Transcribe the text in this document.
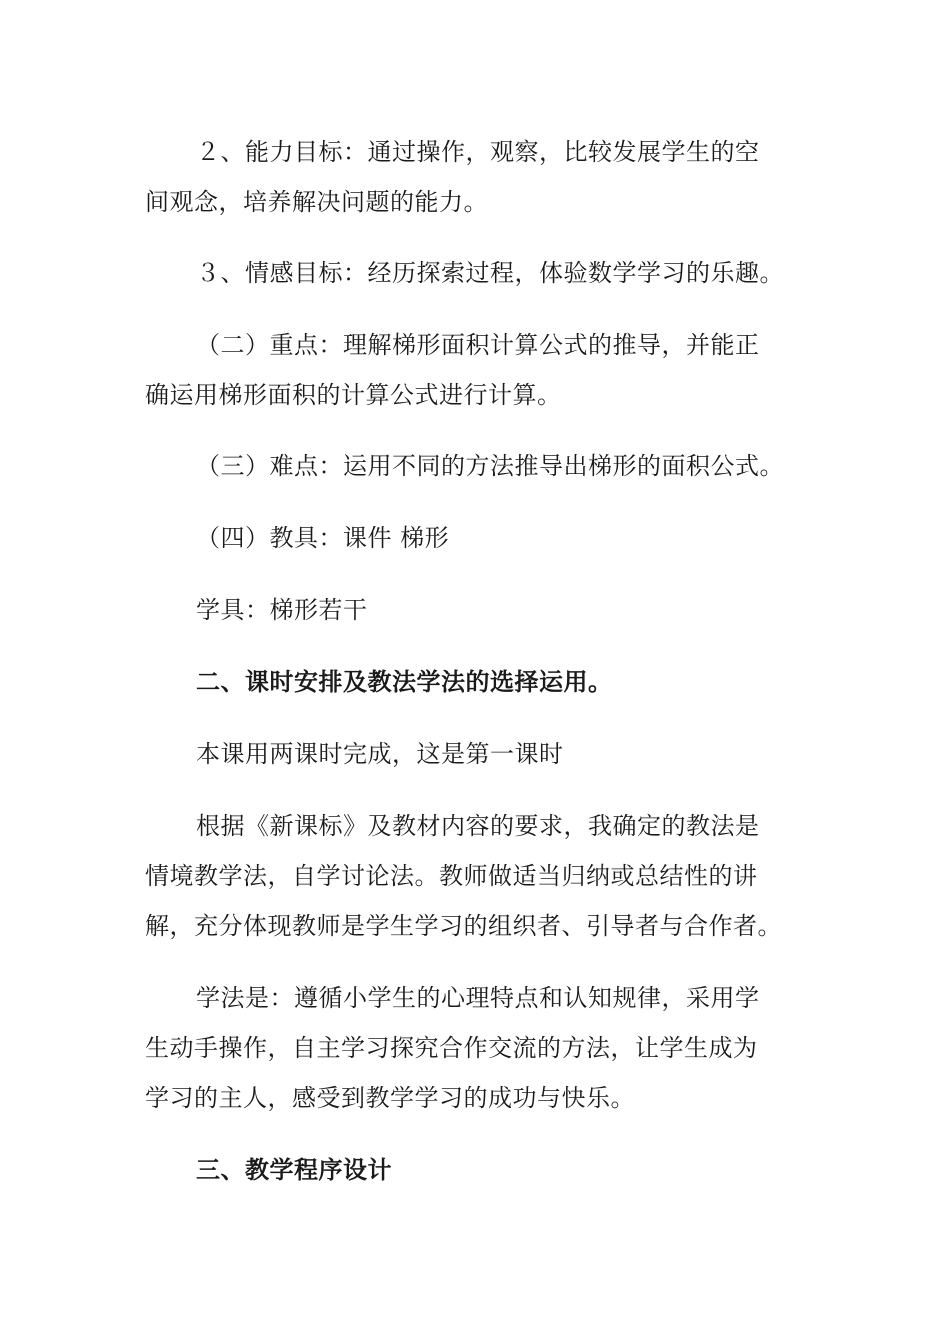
２、能力目标：通过操作，观察，比较发展学生的空
间观念，培养解决问题的能力。
３、情感目标：经历探索过程，体验数学学习的乐趣。
（二）重点：理解梯形面积计算公式的推导，并能正
确运用梯形面积的计算公式进行计算。
（三）难点：运用不同的方法推导出梯形的面积公式。
（四）教具：课件 梯形
学具：梯形若干
二、课时安排及教法学法的选择运用。
本课用两课时完成，这是第一课时
根据《新课标》及教材内容的要求，我确定的教法是
情境教学法，自学讨论法。教师做适当归纳或总结性的讲
解，充分体现教师是学生学习的组织者、引导者与合作者。
学法是：遵循小学生的心理特点和认知规律，采用学
生动手操作，自主学习探究合作交流的方法，让学生成为
学习的主人，感受到教学学习的成功与快乐。
三、教学程序设计
